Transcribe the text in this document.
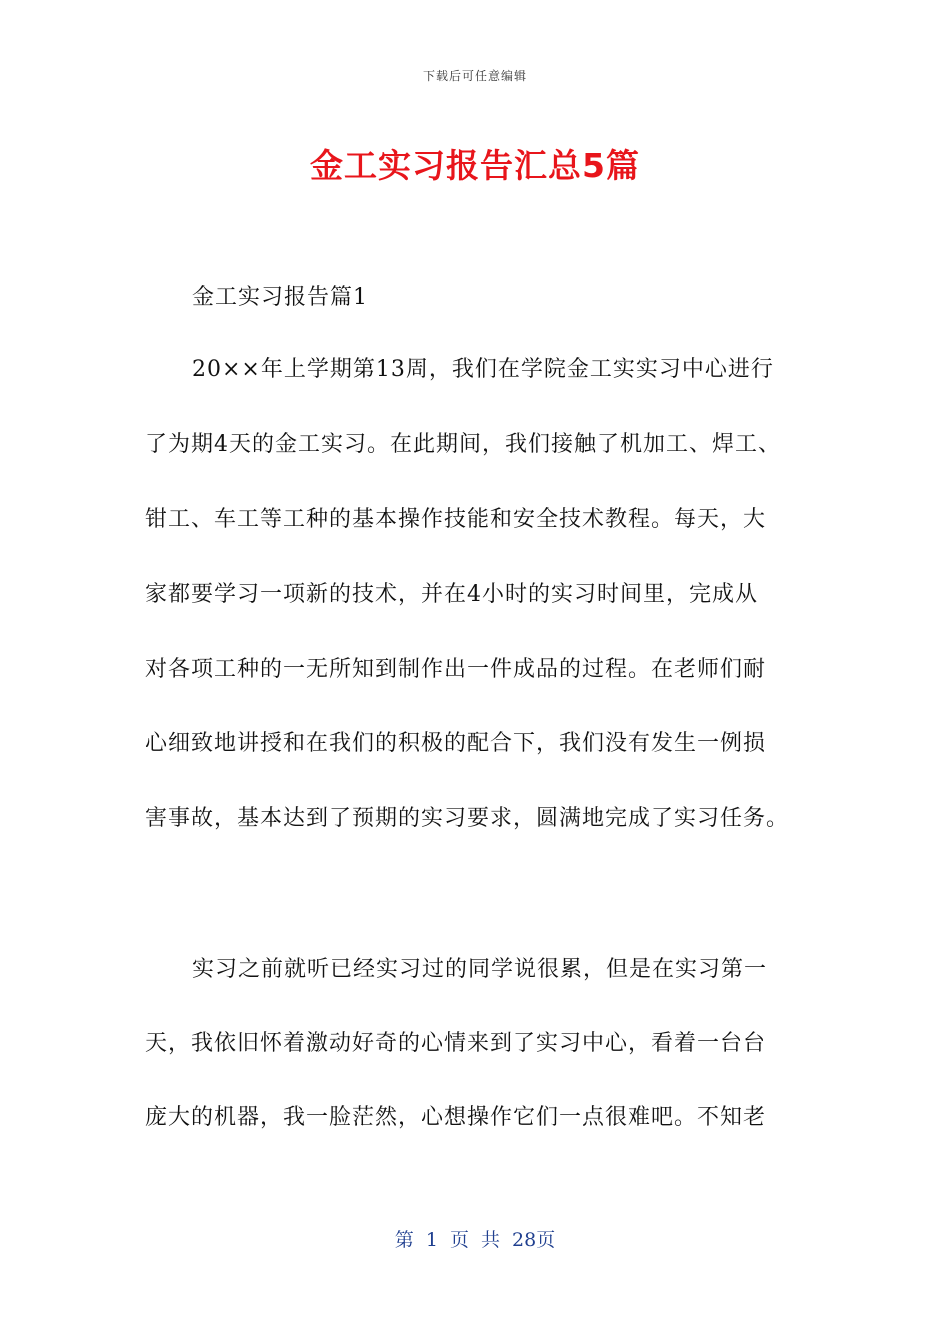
下载后可任意编辑
金工实习报告汇总5篇
金工实习报告篇1
20××年上学期第13周，我们在学院金工实实习中心进行
了为期4天的金工实习。在此期间，我们接触了机加工、焊工、
钳工、车工等工种的基本操作技能和安全技术教程。每天，大
家都要学习一项新的技术，并在4小时的实习时间里，完成从
对各项工种的一无所知到制作出一件成品的过程。在老师们耐
心细致地讲授和在我们的积极的配合下，我们没有发生一例损
害事故，基本达到了预期的实习要求，圆满地完成了实习任务。
实习之前就听已经实习过的同学说很累，但是在实习第一
天，我依旧怀着激动好奇的心情来到了实习中心，看着一台台
庞大的机器，我一脸茫然，心想操作它们一点很难吧。不知老
第 1 页 共 28页
